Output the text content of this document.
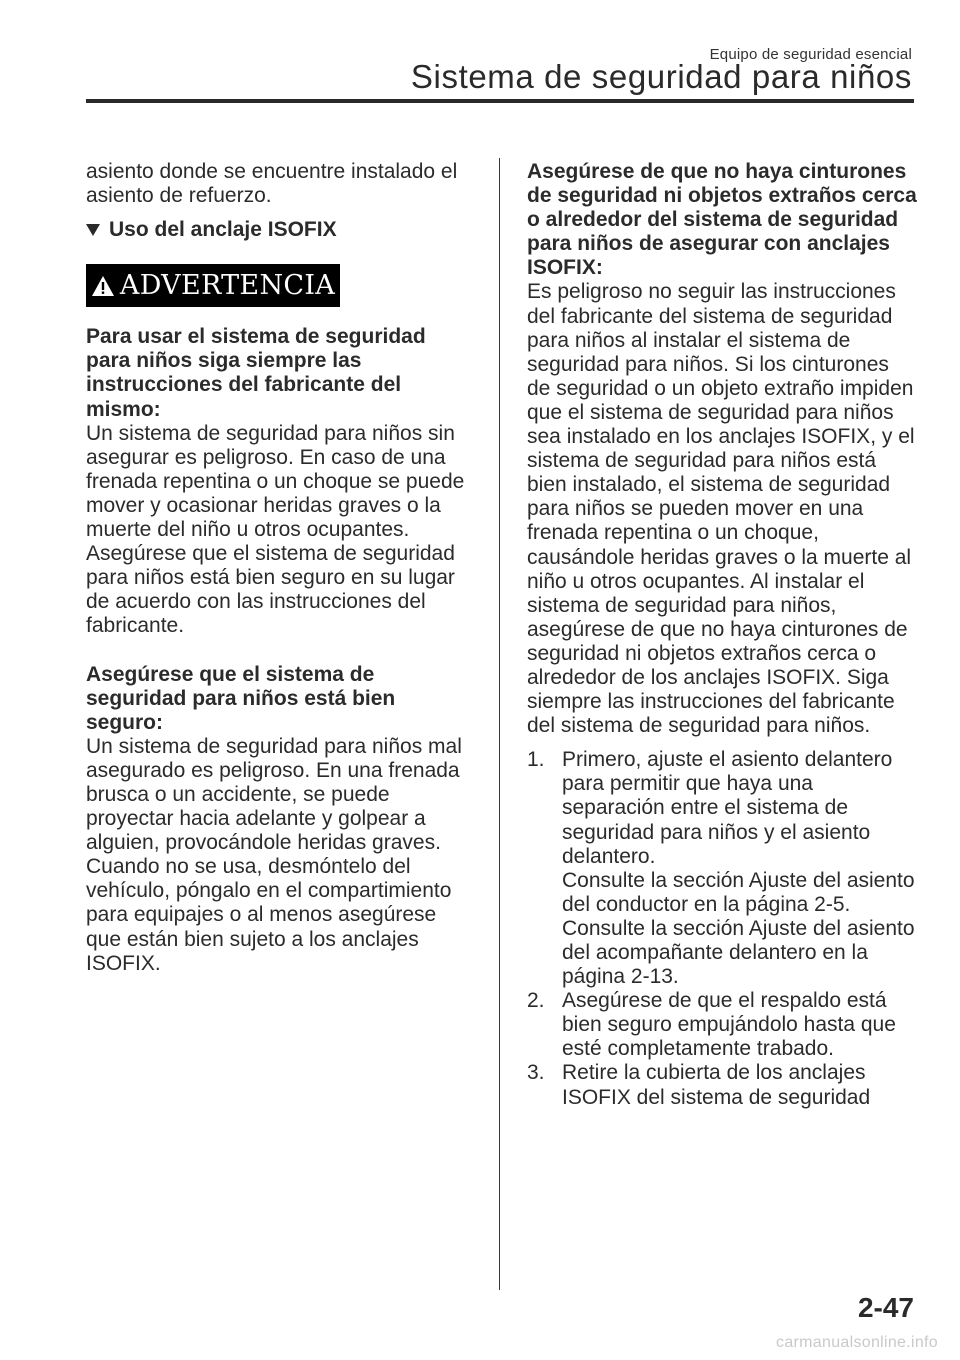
Equipo de seguridad esencial
Sistema de seguridad para niños

asiento donde se encuentre instalado el asiento de refuerzo.

Uso del anclaje ISOFIX
ADVERTENCIA

Para usar el sistema de seguridad para niños siga siempre las instrucciones del fabricante del mismo:

Un sistema de seguridad para niños sin asegurar es peligroso. En caso de una frenada repentina o un choque se puede mover y ocasionar heridas graves o la muerte del niño u otros ocupantes. Asegúrese que el sistema de seguridad para niños está bien seguro en su lugar de acuerdo con las instrucciones del fabricante.

Asegúrese que el sistema de seguridad para niños está bien seguro:

Un sistema de seguridad para niños mal asegurado es peligroso. En una frenada brusca o un accidente, se puede proyectar hacia adelante y golpear a alguien, provocándole heridas graves. Cuando no se usa, desmóntelo del vehículo, póngalo en el compartimiento para equipajes o al menos asegúrese que están bien sujeto a los anclajes ISOFIX.

Asegúrese de que no haya cinturones de seguridad ni objetos extraños cerca o alrededor del sistema de seguridad para niños de asegurar con anclajes ISOFIX:

Es peligroso no seguir las instrucciones del fabricante del sistema de seguridad para niños al instalar el sistema de seguridad para niños. Si los cinturones de seguridad o un objeto extraño impiden que el sistema de seguridad para niños sea instalado en los anclajes ISOFIX, y el sistema de seguridad para niños está bien instalado, el sistema de seguridad para niños se pueden mover en una frenada repentina o un choque, causándole heridas graves o la muerte al niño u otros ocupantes. Al instalar el sistema de seguridad para niños, asegúrese de que no haya cinturones de seguridad ni objetos extraños cerca o alrededor de los anclajes ISOFIX. Siga siempre las instrucciones del fabricante del sistema de seguridad para niños.

1. Primero, ajuste el asiento delantero para permitir que haya una separación entre el sistema de seguridad para niños y el asiento delantero.

Consulte la sección Ajuste del asiento del conductor en la página 2-5.

Consulte la sección Ajuste del asiento del acompañante delantero en la página 2-13.

2. Asegúrese de que el respaldo está bien seguro empujándolo hasta que esté completamente trabado.

3. Retire la cubierta de los anclajes ISOFIX del sistema de seguridad

2-47
carmanualsonline.info
